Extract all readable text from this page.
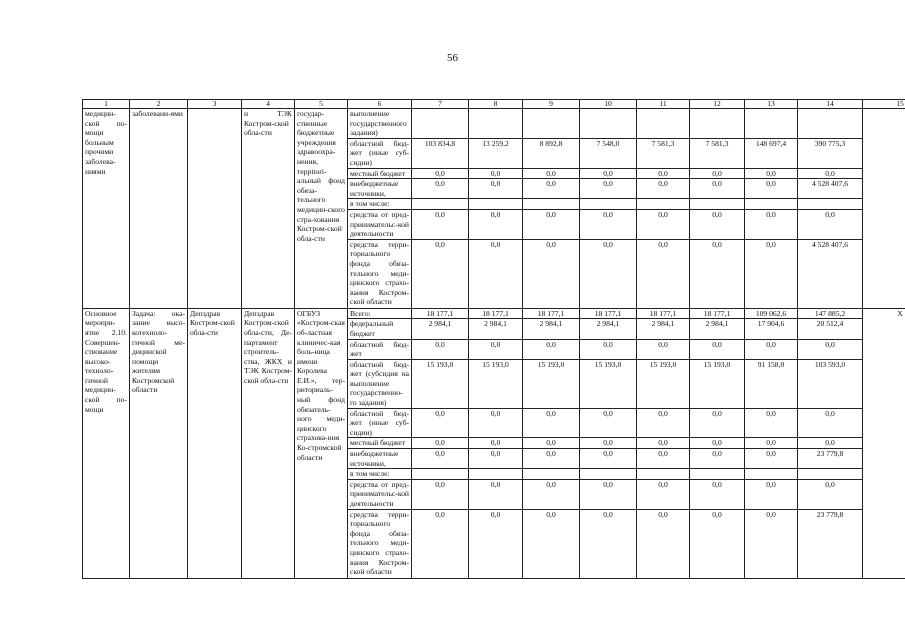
56
1	2	3	4	5	6	7	8	9	10	11	12	13	14	15
медицин-ской по-мощи больным прочими заболева-ниями	заболевани-ями		и ТЭК Костром-ской обла-сти	государ-ственные бюджетные учреждения здравоохра-нения, террitori-альный фонд обяза-тельного медицин-ского стра-хования Костром-ской обла-сти	выполнение государственного задания)									
					областной бюд-жет (иные суб-сидии)	103 834,8	13 259,2	8 892,8	7 548,0	7 581,3	7 581,3	148 697,4	390 775,3	
					местный бюджет	0,0	0,0	0,0	0,0	0,0	0,0	0,0	0,0	
					внебюджетные источники,	0,0	0,0	0,0	0,0	0,0	0,0	0,0	4 528 407,6	
					в том числе:									
					средства от пред-принимательс-кой деятельности	0,0	0,0	0,0	0,0	0,0	0,0	0,0	0,0	
					средства терри-ториального фонда обяза-тельного меди-цинского страхо-вания Костром-ской области	0,0	0,0	0,0	0,0	0,0	0,0	0,0	4 528 407,6	
Основное меропри-ятие 2.10. Совершен-ствование высоко-техноло-гичной медицин-ской по-мощи	Задача: ока-зание высо-котехноло-гичной ме-дицинской помощи жителям Костромской области	Депздрав Костром-ской обла-сти	Депздрав Костром-ской обла-сти, Де-партамент строитель-ства, ЖКХ и ТЭК Костром-ской обла-сти	ОГБУЗ «Костром-ская об-ластная клиничес-кая боль-ница имени Королева Е.И.», тер-риториаль-ный фонд обязатель-ного меди-цинского страхова-ния Ко-стромской области	Всего:	18 177,1	18 177,1	18 177,1	18 177,1	18 177,1	18 177,1	109 062,6	147 885,2	Х
					федеральный бюджет	2 984,1	2 984,1	2 984,1	2 984,1	2 984,1	2 984,1	17 904,6	20 512,4	
					областной бюд-жет	0,0	0,0	0,0	0,0	0,0	0,0	0,0	0,0	
					областной бюд-жет (субсидия на выполнение государственно-го задания)	15 193,0	15 193,0	15 193,0	15 193,0	15 193,0	15 193,0	91 158,0	103 593,0	
					областной бюд-жет (иные суб-сидии)	0,0	0,0	0,0	0,0	0,0	0,0	0,0	0,0	
					местный бюджет	0,0	0,0	0,0	0,0	0,0	0,0	0,0	0,0	
					внебюджетные источники,	0,0	0,0	0,0	0,0	0,0	0,0	0,0	23 779,8	
					в том числе:									
					средства от пред-принимательс-кой деятельности	0,0	0,0	0,0	0,0	0,0	0,0	0,0	0,0	
					средства терри-ториального фонда обяза-тельного меди-цинского страхо-вания Костром-ской области	0,0	0,0	0,0	0,0	0,0	0,0	0,0	23 779,8	
